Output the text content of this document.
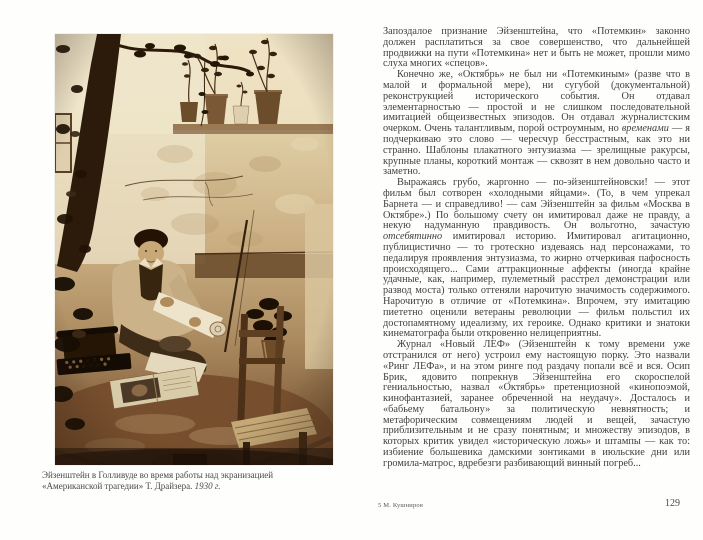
Эйзенштейн в Голливуде во время работы над экранизацией
«Американской трагедии» Т. Драйзера. 1930 г.

Запоздалое признание Эйзенштейна, что «Потемкин» законно должен расплатиться за свое совершенство, что дальнейшей продвижки на пути «Потемкина» нет и быть не может, прошли мимо слуха многих «спецов».

Конечно же, «Октябрь» не был ни «Потемкиным» (разве что в малой и формальной мере), ни сугубой (документальной) реконструкцией исторического события. Он отдавал элементарностью — простой и не слишком последовательной имитацией общеизвестных эпизодов. Он отдавал журналистским очерком. Очень талантливым, порой остроумным, но временами — я подчеркиваю это слово — чересчур бесстрастным, как это ни странно. Шаблоны плакатного энтузиазма — зрелищные ракурсы, крупные планы, короткий монтаж — сквозят в нем довольно часто и заметно.

Выражаясь грубо, жаргонно — по-эйзенштейновски! — этот фильм был сотворен «холодными яйцами». (То, в чем упрекал Барнета — и справедливо! — сам Эйзенштейн за фильм «Москва в Октябре».) По большому счету он имитировал даже не правду, а некую надуманную правдивость. Он вольготно, зачастую отсебятинно имитировал историю. Имитировал агитационно, публицистично — то гротескно издеваясь над персонажами, то педалируя проявления энтузиазма, то жирно отчеркивая пафосность происходящего... Сами аттракционные аффекты (иногда крайне удачные, как, например, пулеметный расстрел демонстрации или развод моста) только оттеняли нарочитую значимость содержимого. Нарочитую в отличие от «Потемкина». Впрочем, эту имитацию пиететно оценили ветераны революции — фильм польстил их достопамятному идеализму, их героике. Однако критики и знатоки кинематографа были откровенно нелицеприятны.

Журнал «Новый ЛЕФ» (Эйзенштейн к тому времени уже отстранился от него) устроил ему настоящую порку. Это назвали «Ринг ЛЕФа», и на этом ринге под раздачу попали всё и вся. Осип Брик, ядовито попрекнув Эйзенштейна его скороспелой гениальностью, назвал «Октябрь» претенциозной «кинопоэмой, кинофантазией, заранее обреченной на неудачу». Досталось и «бабьему батальону» за политическую невнятность; и метафорическим совмещениям людей и вещей, зачастую приблизительным и не сразу понятным; и множеству эпизодов, в которых критик увидел «историческую ложь» и штампы — как то: избиение большевика дамскими зонтиками в июльские дни или громила-матрос, вдребезги разбивающий винный погреб...

5 М. Кушниров	129
